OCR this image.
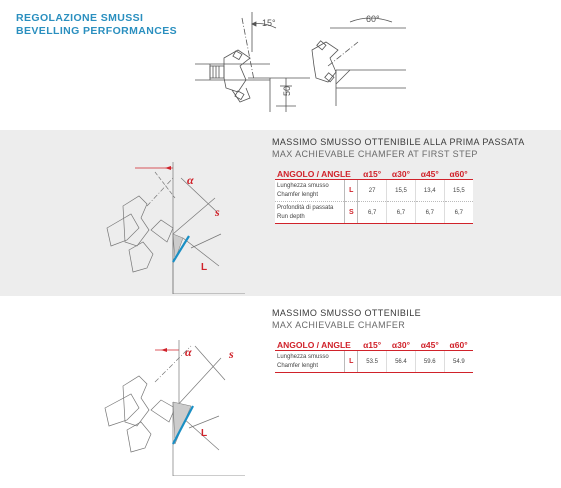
REGOLAZIONE SMUSSI
BEVELLING PERFORMANCES
15°	60°
50
α
s
L
MASSIMO SMUSSO OTTENIBILE ALLA PRIMA PASSATA
MAX ACHIEVABLE CHAMFER AT FIRST STEP
ANGOLO / ANGLE		α15°	α30°	α45°	α60°

Lunghezza smusso
Chamfer lenght	L	27	15,5	13,4	15,5

Profondità di passata
Run depth	S	6,7	6,7	6,7	6,7
α	s
L
MASSIMO SMUSSO OTTENIBILE
MAX ACHIEVABLE CHAMFER
ANGOLO / ANGLE		α15°	α30°	α45°	α60°

Lunghezza smusso
Chamfer lenght	L	53.5	56.4	59.6	54.9
